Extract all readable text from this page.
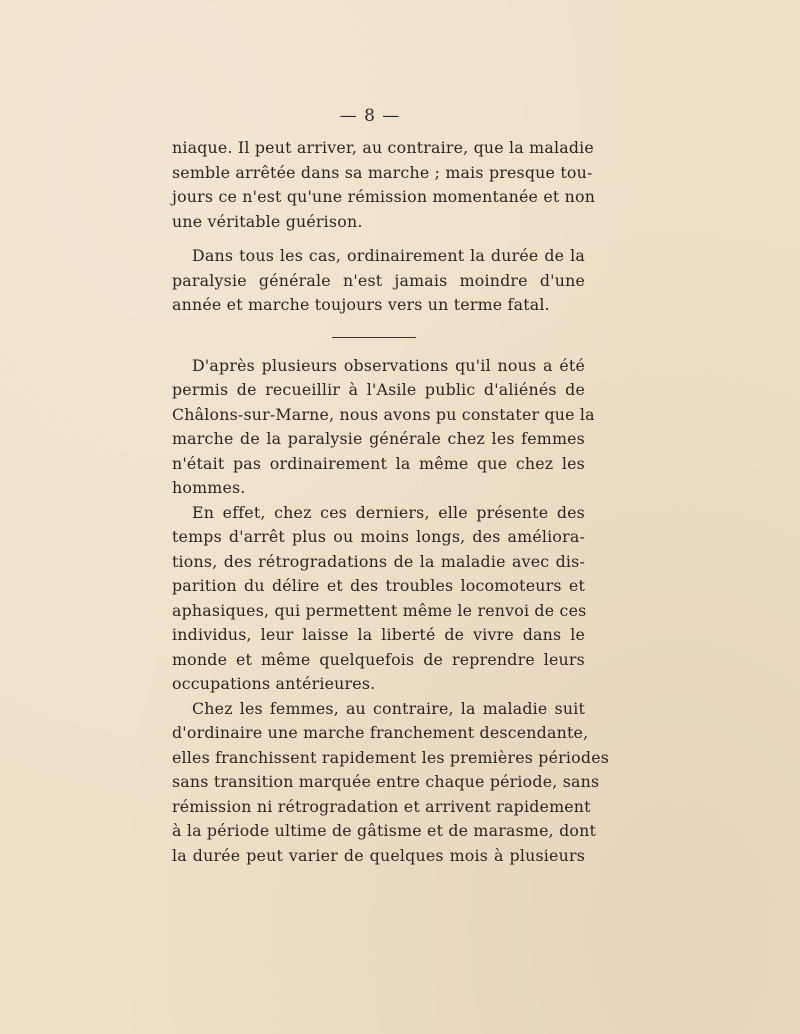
— 8 —
niaque. Il peut arriver, au contraire, que la maladie
semble arrêtée dans sa marche ; mais presque tou-
jours ce n'est qu'une rémission momentanée et non
une véritable guérison.
Dans tous les cas, ordinairement la durée de la
paralysie générale n'est jamais moindre d'une
année et marche toujours vers un terme fatal.
D'après plusieurs observations qu'il nous a été
permis de recueillir à l'Asile public d'aliénés de
Châlons-sur-Marne, nous avons pu constater que la
marche de la paralysie générale chez les femmes
n'était pas ordinairement la même que chez les
hommes.
En effet, chez ces derniers, elle présente des
temps d'arrêt plus ou moins longs, des améliora-
tions, des rétrogradations de la maladie avec dis-
parition du délire et des troubles locomoteurs et
aphasiques, qui permettent même le renvoi de ces
individus, leur laisse la liberté de vivre dans le
monde et même quelquefois de reprendre leurs
occupations antérieures.
Chez les femmes, au contraire, la maladie suit
d'ordinaire une marche franchement descendante,
elles franchissent rapidement les premières périodes
sans transition marquée entre chaque période, sans
rémission ni rétrogradation et arrivent rapidement
à la période ultime de gâtisme et de marasme, dont
la durée peut varier de quelques mois à plusieurs
